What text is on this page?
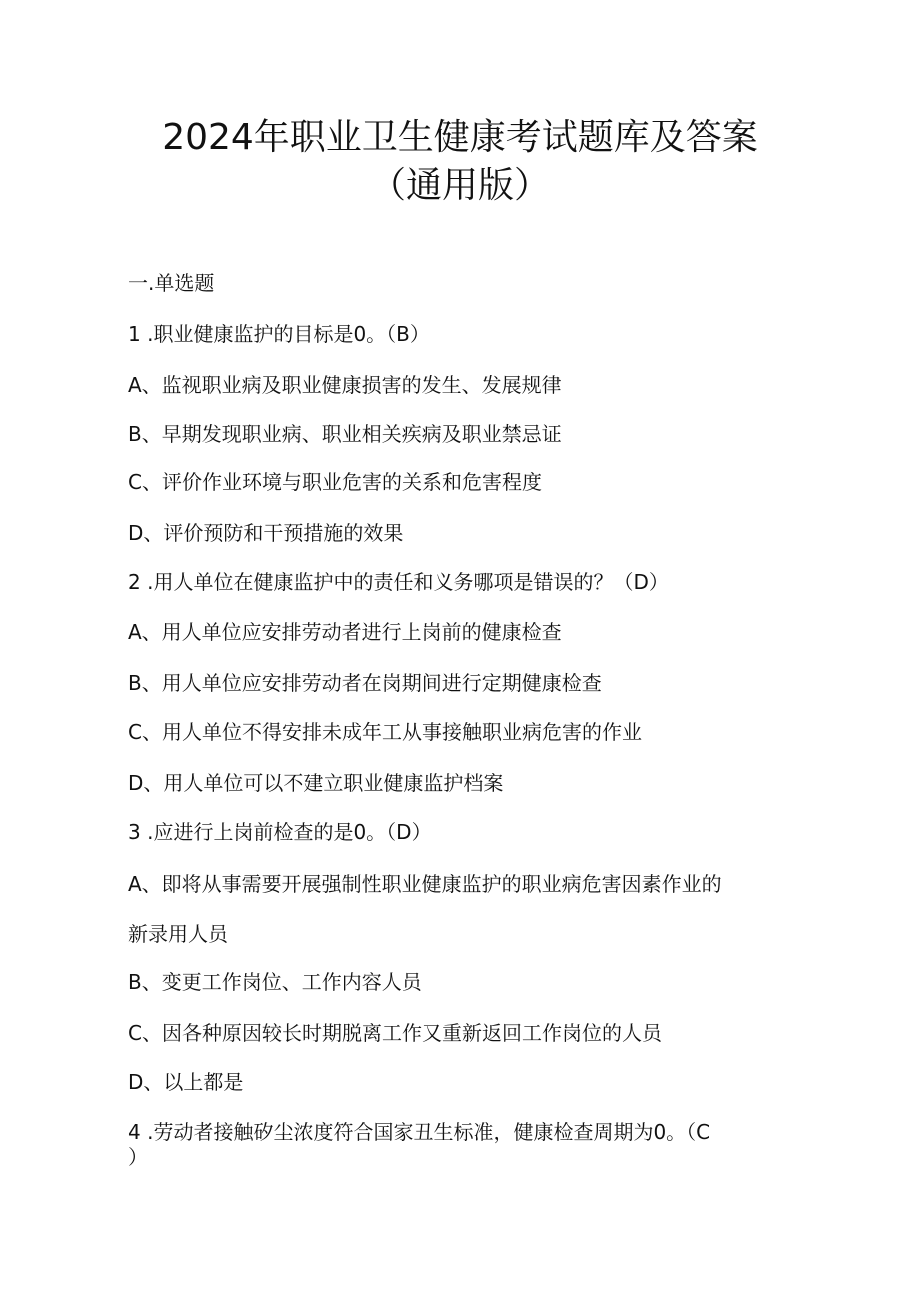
2024年职业卫生健康考试题库及答案
（通用版）
一.单选题
1 .职业健康监护的目标是0。（B）
A、监视职业病及职业健康损害的发生、发展规律
B、早期发现职业病、职业相关疾病及职业禁忌证
C、评价作业环境与职业危害的关系和危害程度
D、评价预防和干预措施的效果
2 .用人单位在健康监护中的责任和义务哪项是错误的？（D）
A、用人单位应安排劳动者进行上岗前的健康检查
B、用人单位应安排劳动者在岗期间进行定期健康检查
C、用人单位不得安排未成年工从事接触职业病危害的作业
D、用人单位可以不建立职业健康监护档案
3 .应进行上岗前检查的是0。（D）
A、即将从事需要开展强制性职业健康监护的职业病危害因素作业的
新录用人员
B、变更工作岗位、工作内容人员
C、因各种原因较长时期脱离工作又重新返回工作岗位的人员
D、以上都是
4 .劳动者接触矽尘浓度符合国家丑生标准，健康检查周期为0。（C
）
